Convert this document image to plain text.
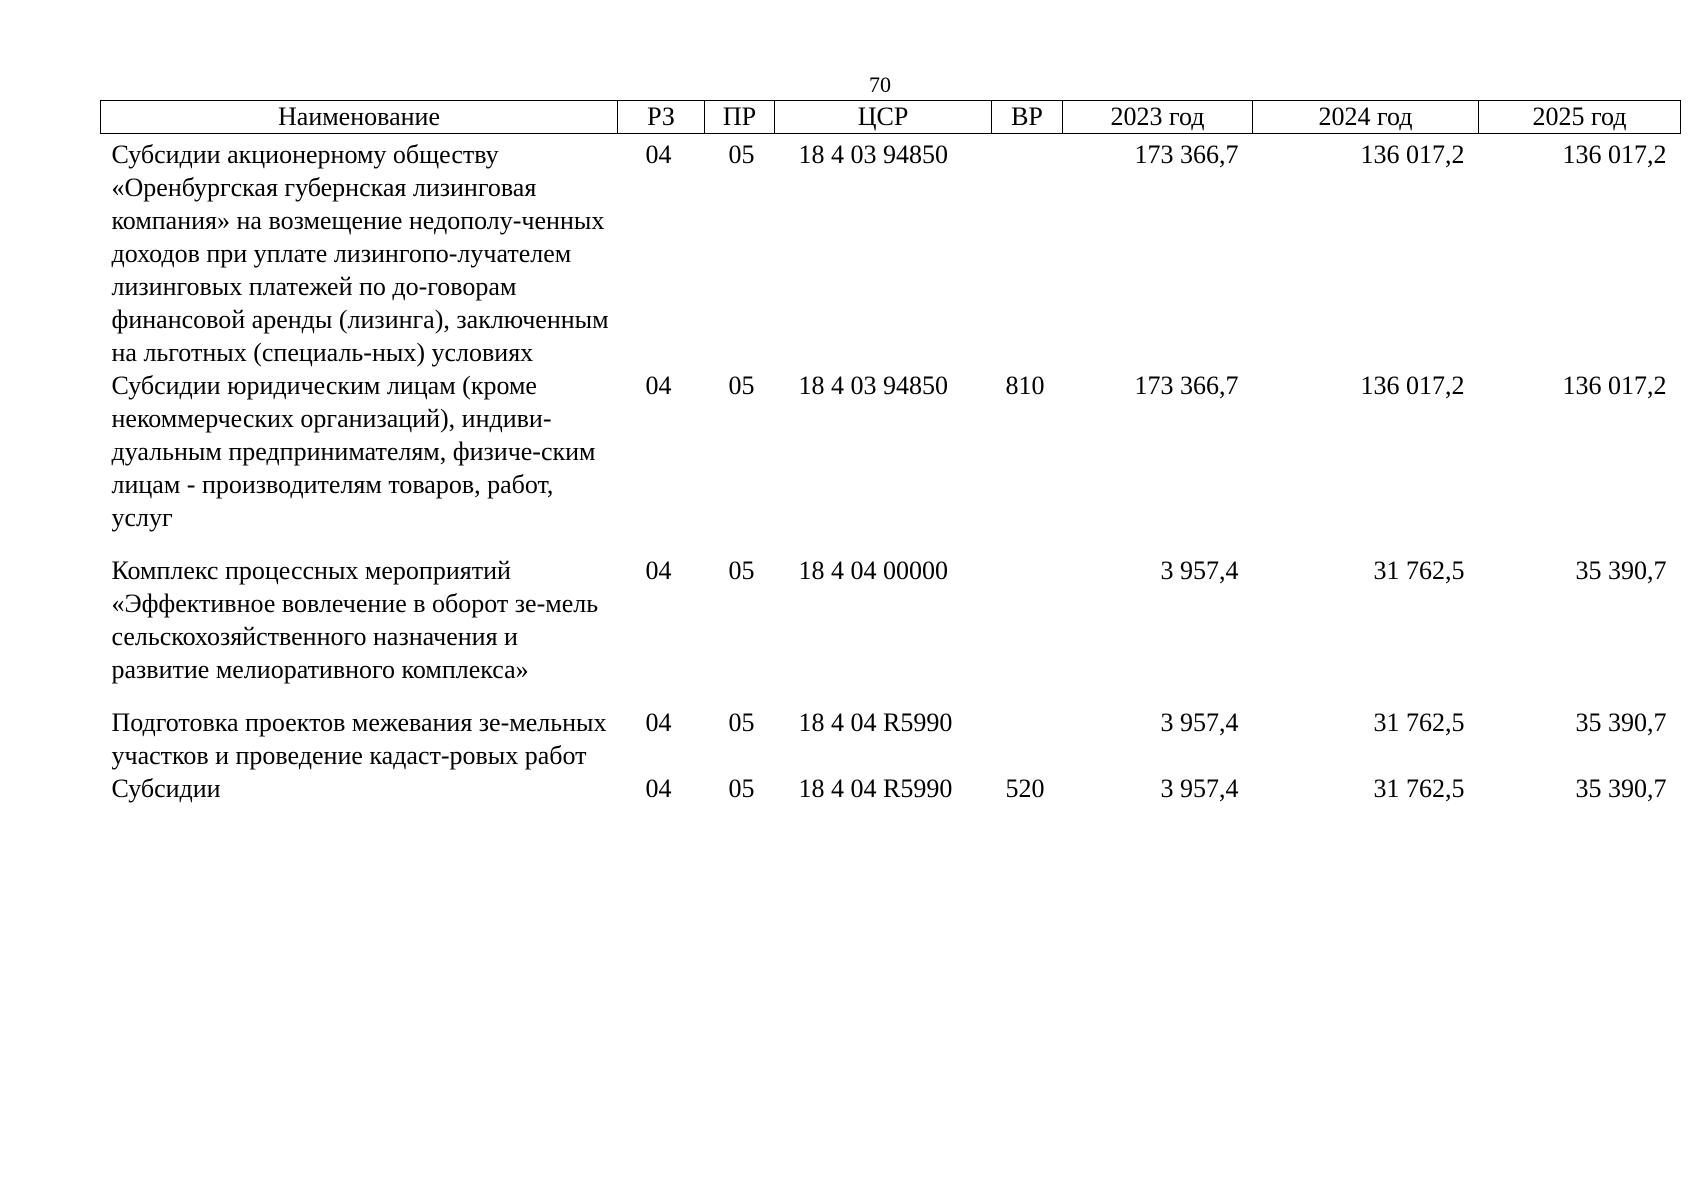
70
Наименование	РЗ	ПР	ЦСР	ВР	2023 год	2024 год	2025 год
Субсидии акционерному обществу «Оренбургская губернская лизинговая компания» на возмещение недополу-ченных доходов при уплате лизингопо-лучателем лизинговых платежей по до-говорам финансовой аренды (лизинга), заключенным на льготных (специаль-ных) условиях	04	05	18 4 03 94850		173 366,7	136 017,2	136 017,2
Субсидии юридическим лицам (кроме некоммерческих организаций), индиви-дуальным предпринимателям, физиче-ским лицам - производителям товаров, работ, услуг	04	05	18 4 03 94850	810	173 366,7	136 017,2	136 017,2
Комплекс процессных мероприятий «Эффективное вовлечение в оборот зе-мель сельскохозяйственного назначения и развитие мелиоративного комплекса»	04	05	18 4 04 00000		3 957,4	31 762,5	35 390,7
Подготовка проектов межевания зе-мельных участков и проведение кадаст-ровых работ	04	05	18 4 04 R5990		3 957,4	31 762,5	35 390,7
Субсидии	04	05	18 4 04 R5990	520	3 957,4	31 762,5	35 390,7
